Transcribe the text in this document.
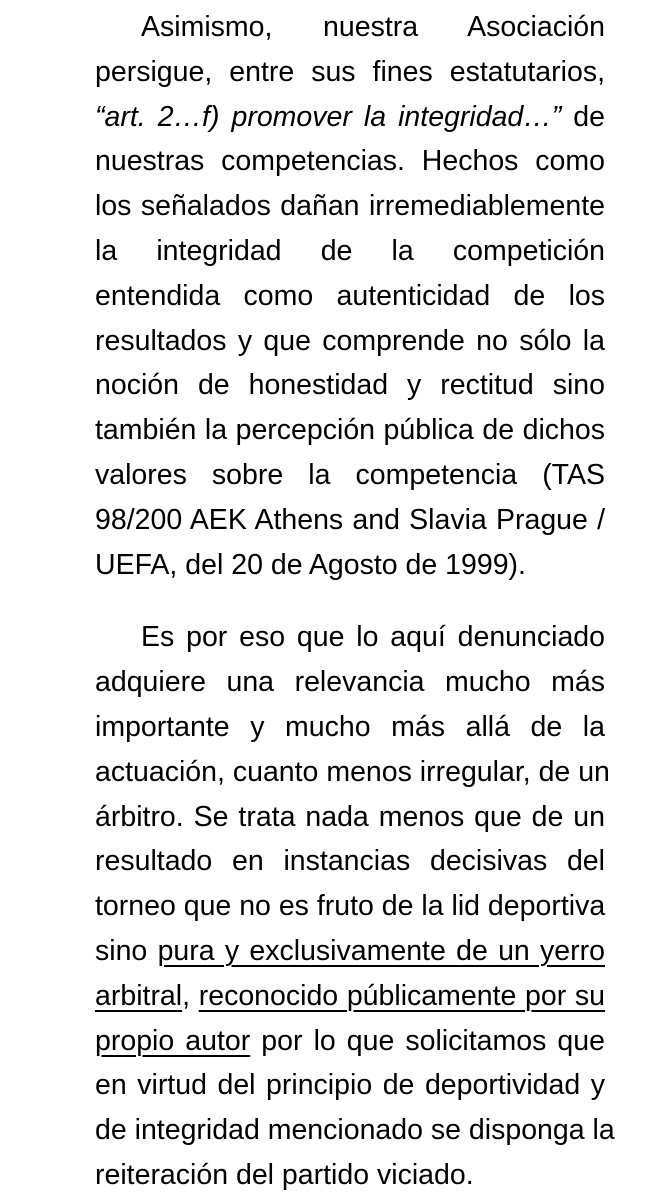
Asimismo, nuestra Asociación
persigue, entre sus fines estatutarios,
“art. 2…f) promover la integridad…” de
nuestras competencias. Hechos como
los señalados dañan irremediablemente
la integridad de la competición
entendida como autenticidad de los
resultados y que comprende no sólo la
noción de honestidad y rectitud sino
también la percepción pública de dichos
valores sobre la competencia (TAS
98/200 AEK Athens and Slavia Prague /
UEFA, del 20 de Agosto de 1999).
Es por eso que lo aquí denunciado
adquiere una relevancia mucho más
importante y mucho más allá de la
actuación, cuanto menos irregular, de un
árbitro. Se trata nada menos que de un
resultado en instancias decisivas del
torneo que no es fruto de la lid deportiva
sino pura y exclusivamente de un yerro
arbitral, reconocido públicamente por su
propio autor por lo que solicitamos que
en virtud del principio de deportividad y
de integridad mencionado se disponga la
reiteración del partido viciado.
